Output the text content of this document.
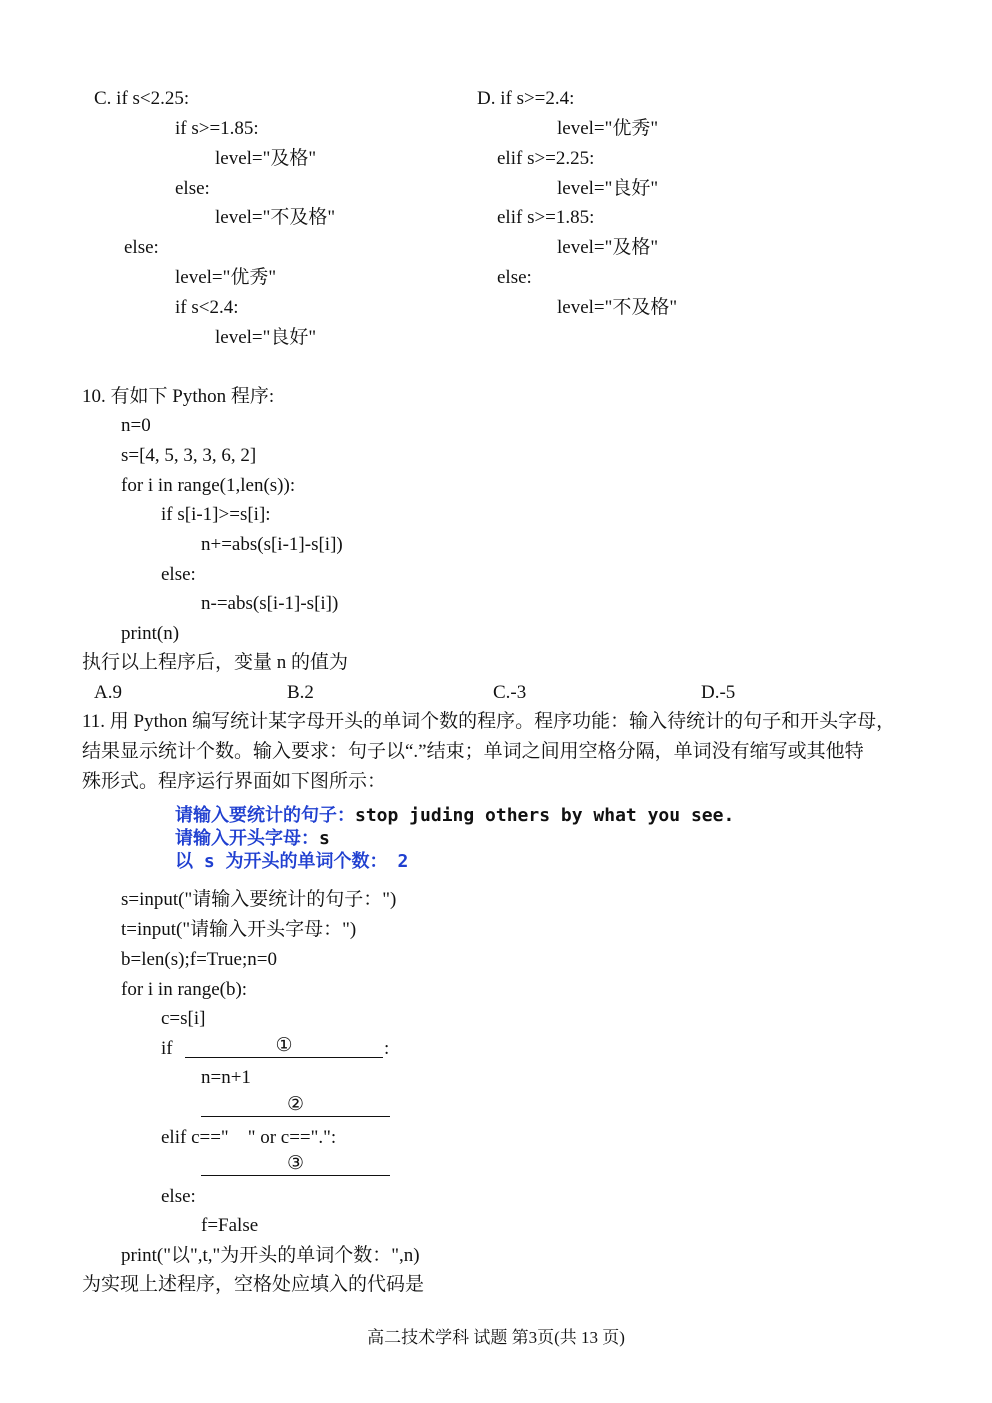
C. if s<2.25:
if s>=1.85:
level="及格"
else:
level="不及格"
else:
level="优秀"
if s<2.4:
level="良好"
D. if s>=2.4:
level="优秀"
elif s>=2.25:
level="良好"
elif s>=1.85:
level="及格"
else:
level="不及格"
10. 有如下 Python 程序:
n=0
s=[4, 5, 3, 3, 6, 2]
for i in range(1,len(s)):
if s[i-1]>=s[i]:
n+=abs(s[i-1]-s[i])
else:
n-=abs(s[i-1]-s[i])
print(n)
执行以上程序后，变量 n 的值为
A.9	B.2	C.-3	D.-5
11. 用 Python 编写统计某字母开头的单词个数的程序。程序功能：输入待统计的句子和开头字母，
结果显示统计个数。输入要求：句子以“.”结束；单词之间用空格分隔，单词没有缩写或其他特
殊形式。程序运行界面如下图所示：
请输入要统计的句子：stop juding others by what you see.
请输入开头字母：s
以 s 为开头的单词个数： 2
s=input("请输入要统计的句子：")
t=input("请输入开头字母：")
b=len(s);f=True;n=0
for i in range(b):
c=s[i]
if	①	:
n=n+1
②
elif c=="    " or c==".":
③
else:
f=False
print("以",t,"为开头的单词个数：",n)
为实现上述程序，空格处应填入的代码是
高二技术学科 试题 第3页(共 13 页)
